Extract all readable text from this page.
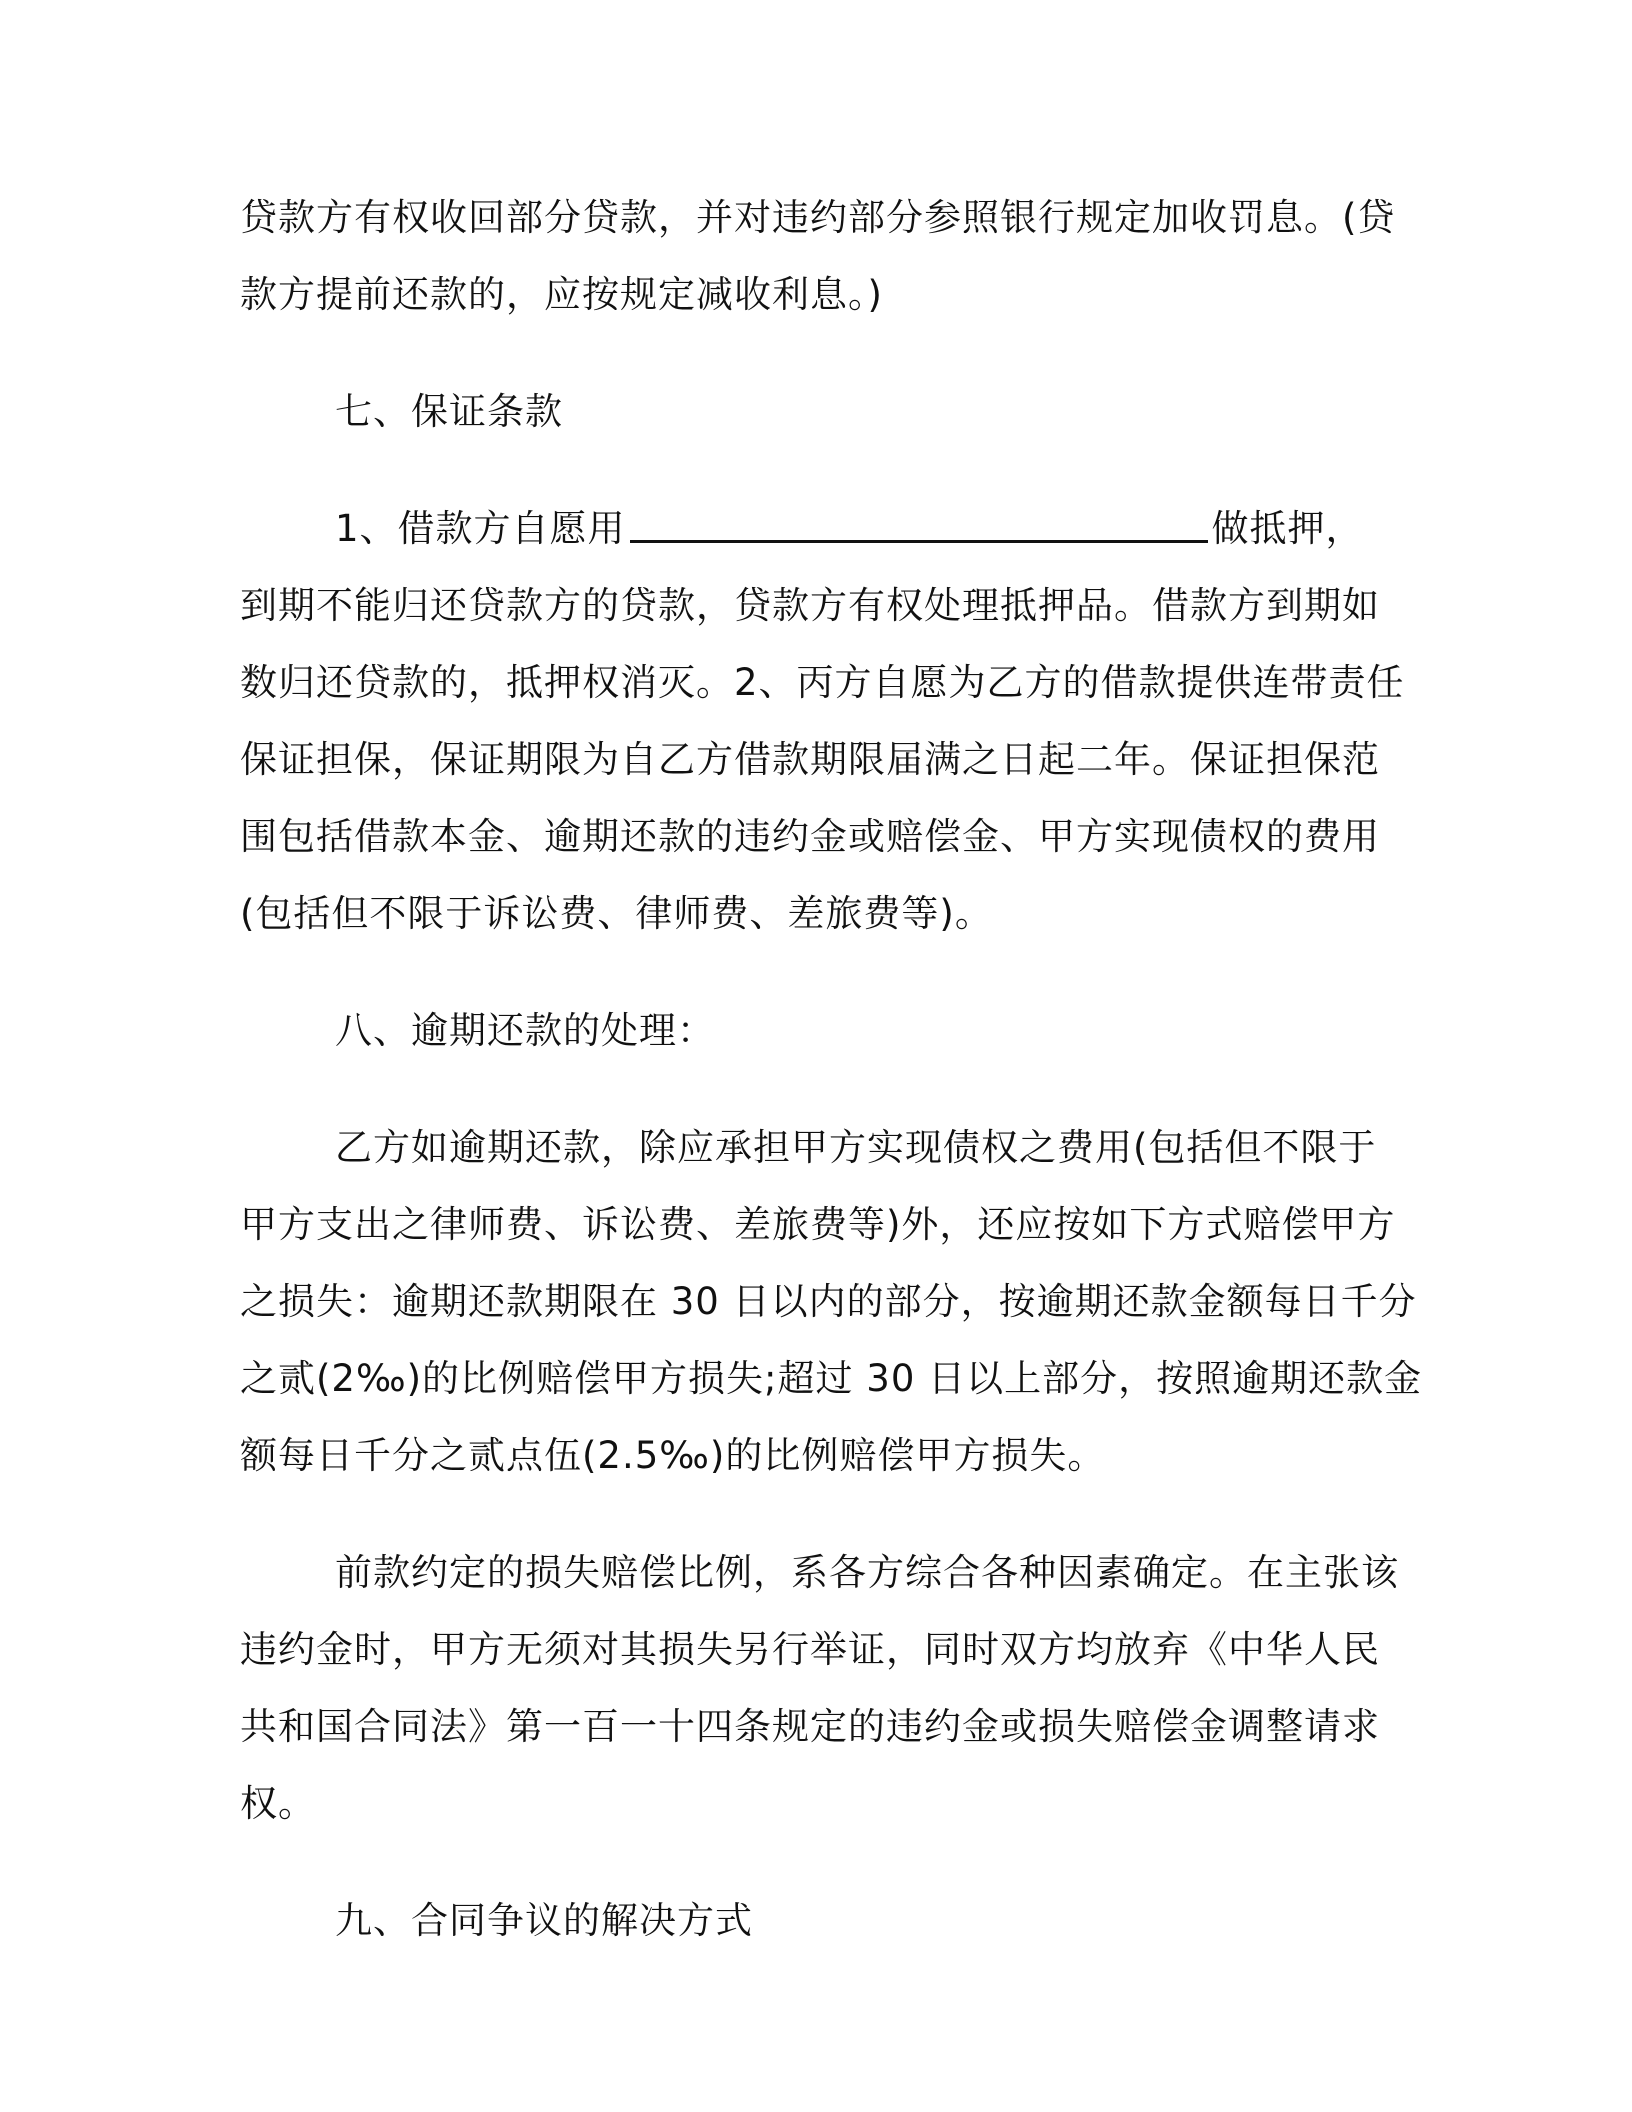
贷款方有权收回部分贷款，并对违约部分参照银行规定加收罚息。(贷
款方提前还款的，应按规定减收利息。)
七、保证条款
1、借款方自愿用	做抵押，
到期不能归还贷款方的贷款，贷款方有权处理抵押品。借款方到期如
数归还贷款的，抵押权消灭。2、丙方自愿为乙方的借款提供连带责任
保证担保，保证期限为自乙方借款期限届满之日起二年。保证担保范
围包括借款本金、逾期还款的违约金或赔偿金、甲方实现债权的费用
(包括但不限于诉讼费、律师费、差旅费等)。
八、逾期还款的处理：
乙方如逾期还款，除应承担甲方实现债权之费用(包括但不限于
甲方支出之律师费、诉讼费、差旅费等)外，还应按如下方式赔偿甲方
之损失：逾期还款期限在 30 日以内的部分，按逾期还款金额每日千分
之贰(2‰)的比例赔偿甲方损失;超过 30 日以上部分，按照逾期还款金
额每日千分之贰点伍(2.5‰)的比例赔偿甲方损失。
前款约定的损失赔偿比例，系各方综合各种因素确定。在主张该
违约金时，甲方无须对其损失另行举证，同时双方均放弃《中华人民
共和国合同法》第一百一十四条规定的违约金或损失赔偿金调整请求
权。
九、合同争议的解决方式
